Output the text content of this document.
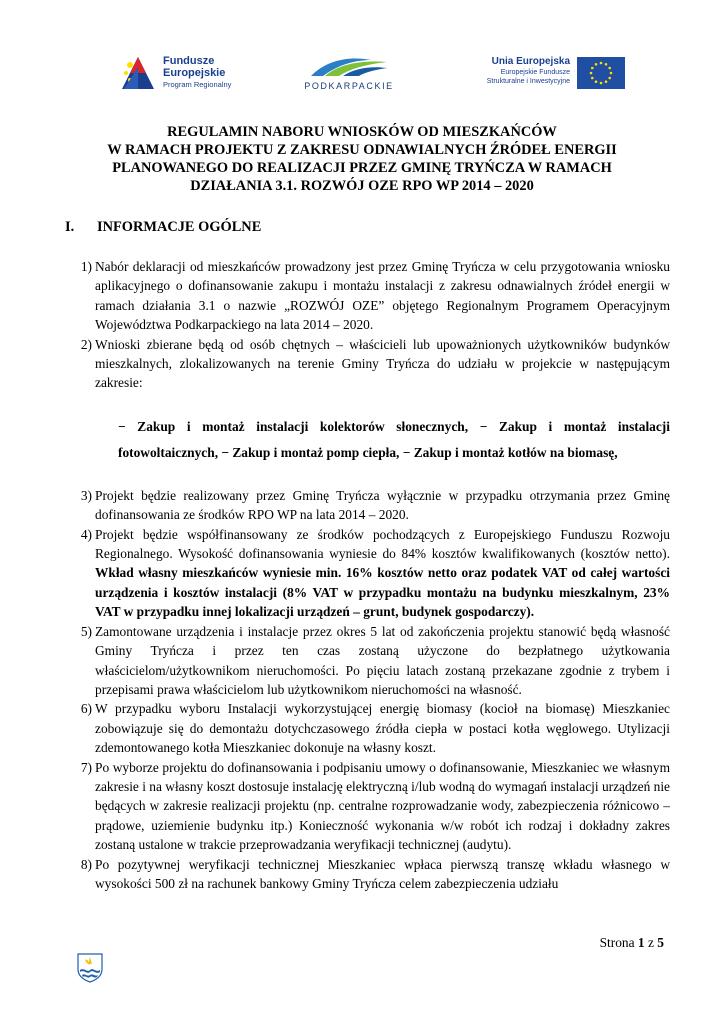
Fundusze
Europejskie
Program Regionalny	PODKARPACKIE
Unia Europejska
Europejskie Fundusze
Strukturalne i Inwestycyjne
REGULAMIN NABORU WNIOSKÓW OD MIESZKAŃCÓW
W RAMACH PROJEKTU Z ZAKRESU ODNAWIALNYCH ŹRÓDEŁ ENERGII
PLANOWANEGO DO REALIZACJI PRZEZ GMINĘ TRYŃCZA W RAMACH
DZIAŁANIA 3.1. ROZWÓJ OZE RPO WP 2014 – 2020
I. INFORMACJE OGÓLNE
1) Nabór deklaracji od mieszkańców prowadzony jest przez Gminę Tryńcza w celu przygotowania wniosku aplikacyjnego o dofinansowanie zakupu i montażu instalacji z zakresu odnawialnych źródeł energii w ramach działania 3.1 o nazwie „ROZWÓJ OZE” objętego Regionalnym Programem Operacyjnym Województwa Podkarpackiego na lata 2014 – 2020.
2) Wnioski zbierane będą od osób chętnych – właścicieli lub upoważnionych użytkowników budynków mieszkalnych, zlokalizowanych na terenie Gminy Tryńcza do udziału w projekcie w następującym zakresie:
− Zakup i montaż instalacji kolektorów słonecznych, − Zakup i montaż instalacji fotowoltaicznych, − Zakup i montaż pomp ciepła, − Zakup i montaż kotłów na biomasę,
3) Projekt będzie realizowany przez Gminę Tryńcza wyłącznie w przypadku otrzymania przez Gminę dofinansowania ze środków RPO WP na lata 2014 – 2020.
4) Projekt będzie współfinansowany ze środków pochodzących z Europejskiego Funduszu Rozwoju Regionalnego. Wysokość dofinansowania wyniesie do 84% kosztów kwalifikowanych (kosztów netto). Wkład własny mieszkańców wyniesie min. 16% kosztów netto oraz podatek VAT od całej wartości urządzenia i kosztów instalacji (8% VAT w przypadku montażu na budynku mieszkalnym, 23% VAT w przypadku innej lokalizacji urządzeń – grunt, budynek gospodarczy).
5) Zamontowane urządzenia i instalacje przez okres 5 lat od zakończenia projektu stanowić będą własność Gminy Tryńcza i przez ten czas zostaną użyczone do bezpłatnego użytkowania właścicielom/użytkownikom nieruchomości. Po pięciu latach zostaną przekazane zgodnie z trybem i przepisami prawa właścicielom lub użytkownikom nieruchomości na własność.
6) W przypadku wyboru Instalacji wykorzystującej energię biomasy (kocioł na biomasę) Mieszkaniec zobowiązuje się do demontażu dotychczasowego źródła ciepła w postaci kotła węglowego. Utylizacji zdemontowanego kotła Mieszkaniec dokonuje na własny koszt.
7) Po wyborze projektu do dofinansowania i podpisaniu umowy o dofinansowanie, Mieszkaniec we własnym zakresie i na własny koszt dostosuje instalację elektryczną i/lub wodną do wymagań instalacji urządzeń nie będących w zakresie realizacji projektu (np. centralne rozprowadzanie wody, zabezpieczenia różnicowo – prądowe, uziemienie budynku itp.) Konieczność wykonania w/w robót ich rodzaj i dokładny zakres zostaną ustalone w trakcie przeprowadzania weryfikacji technicznej (audytu).
8) Po pozytywnej weryfikacji technicznej Mieszkaniec wpłaca pierwszą transzę wkładu własnego w wysokości 500 zł na rachunek bankowy Gminy Tryńcza celem zabezpieczenia udziału
Strona 1 z 5
